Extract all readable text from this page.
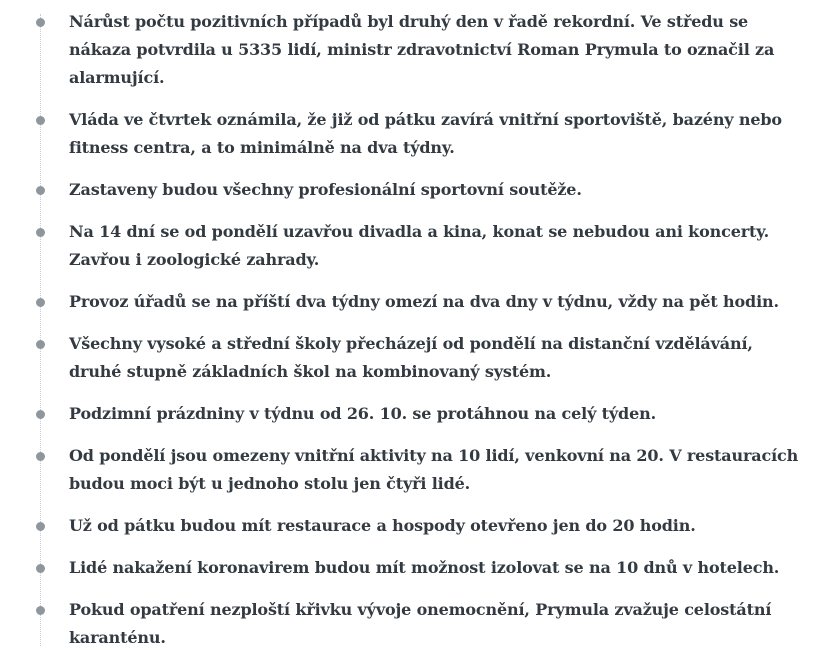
Nárůst počtu pozitivních případů byl druhý den v řadě rekordní. Ve středu se nákaza potvrdila u 5335 lidí, ministr zdravotnictví Roman Prymula to označil za alarmující.
Vláda ve čtvrtek oznámila, že již od pátku zavírá vnitřní sportoviště, bazény nebo fitness centra, a to minimálně na dva týdny.
Zastaveny budou všechny profesionální sportovní soutěže.
Na 14 dní se od pondělí uzavřou divadla a kina, konat se nebudou ani koncerty. Zavřou i zoologické zahrady.
Provoz úřadů se na příští dva týdny omezí na dva dny v týdnu, vždy na pět hodin.
Všechny vysoké a střední školy přecházejí od pondělí na distanční vzdělávání, druhé stupně základních škol na kombinovaný systém.
Podzimní prázdniny v týdnu od 26. 10. se protáhnou na celý týden.
Od pondělí jsou omezeny vnitřní aktivity na 10 lidí, venkovní na 20. V restauracích budou moci být u jednoho stolu jen čtyři lidé.
Už od pátku budou mít restaurace a hospody otevřeno jen do 20 hodin.
Lidé nakažení koronavirem budou mít možnost izolovat se na 10 dnů v hotelech.
Pokud opatření nezploští křivku vývoje onemocnění, Prymula zvažuje celostátní karanténu.
